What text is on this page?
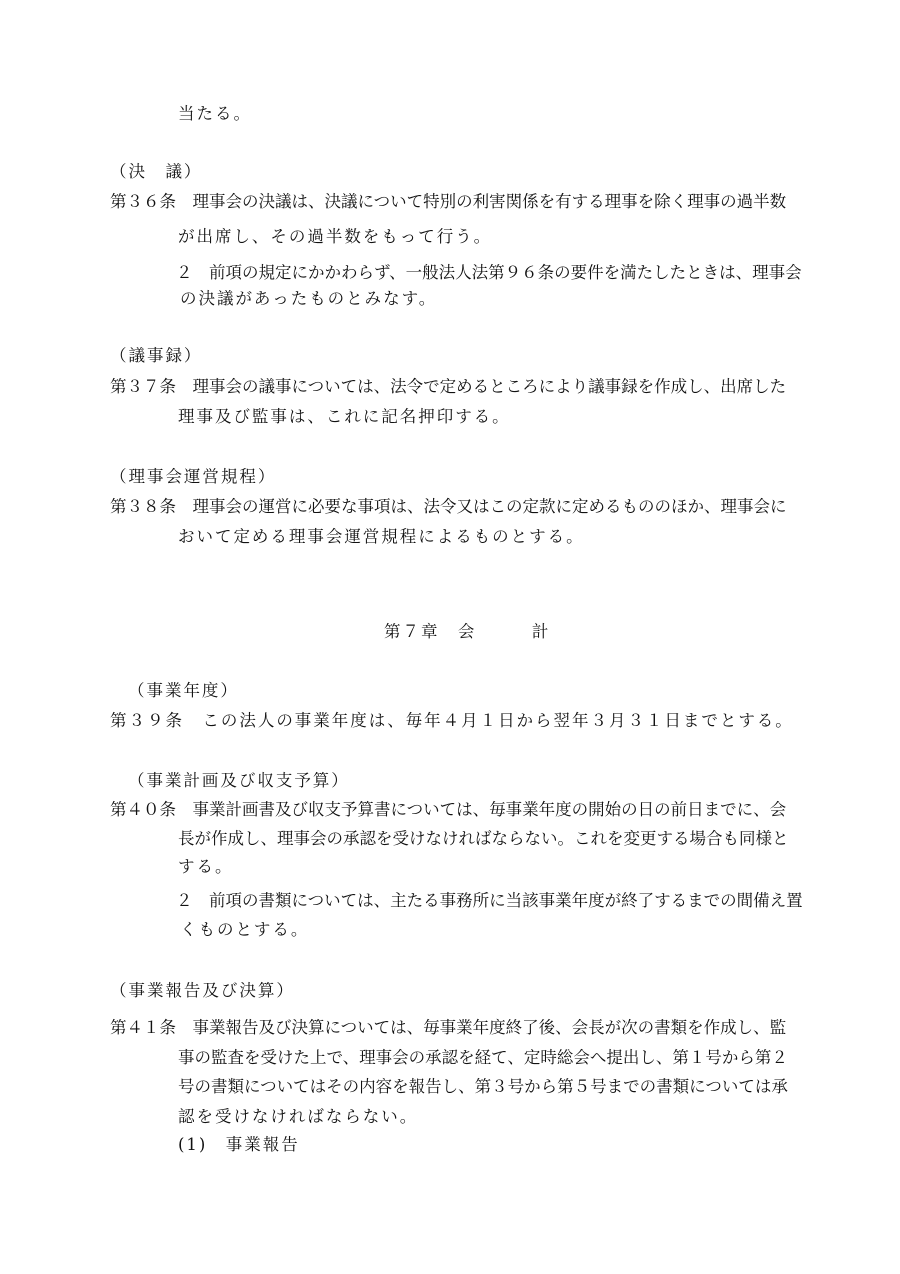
当たる。
（決　議）
第３６条　理事会の決議は、決議について特別の利害関係を有する理事を除く理事の過半数
が出席し、その過半数をもって行う。
２　前項の規定にかかわらず、一般法人法第９６条の要件を満たしたときは、理事会
の決議があったものとみなす。
（議事録）
第３７条　理事会の議事については、法令で定めるところにより議事録を作成し、出席した
理事及び監事は、これに記名押印する。
（理事会運営規程）
第３８条　理事会の運営に必要な事項は、法令又はこの定款に定めるもののほか、理事会に
おいて定める理事会運営規程によるものとする。
第７章　会　　　計
（事業年度）
第３９条　この法人の事業年度は、毎年４月１日から翌年３月３１日までとする。
（事業計画及び収支予算）
第４０条　事業計画書及び収支予算書については、毎事業年度の開始の日の前日までに、会
長が作成し、理事会の承認を受けなければならない。これを変更する場合も同様と
する。
２　前項の書類については、主たる事務所に当該事業年度が終了するまでの間備え置
くものとする。
（事業報告及び決算）
第４１条　事業報告及び決算については、毎事業年度終了後、会長が次の書類を作成し、監
事の監査を受けた上で、理事会の承認を経て、定時総会へ提出し、第１号から第２
号の書類についてはその内容を報告し、第３号から第５号までの書類については承
認を受けなければならない。
(1)　事業報告
